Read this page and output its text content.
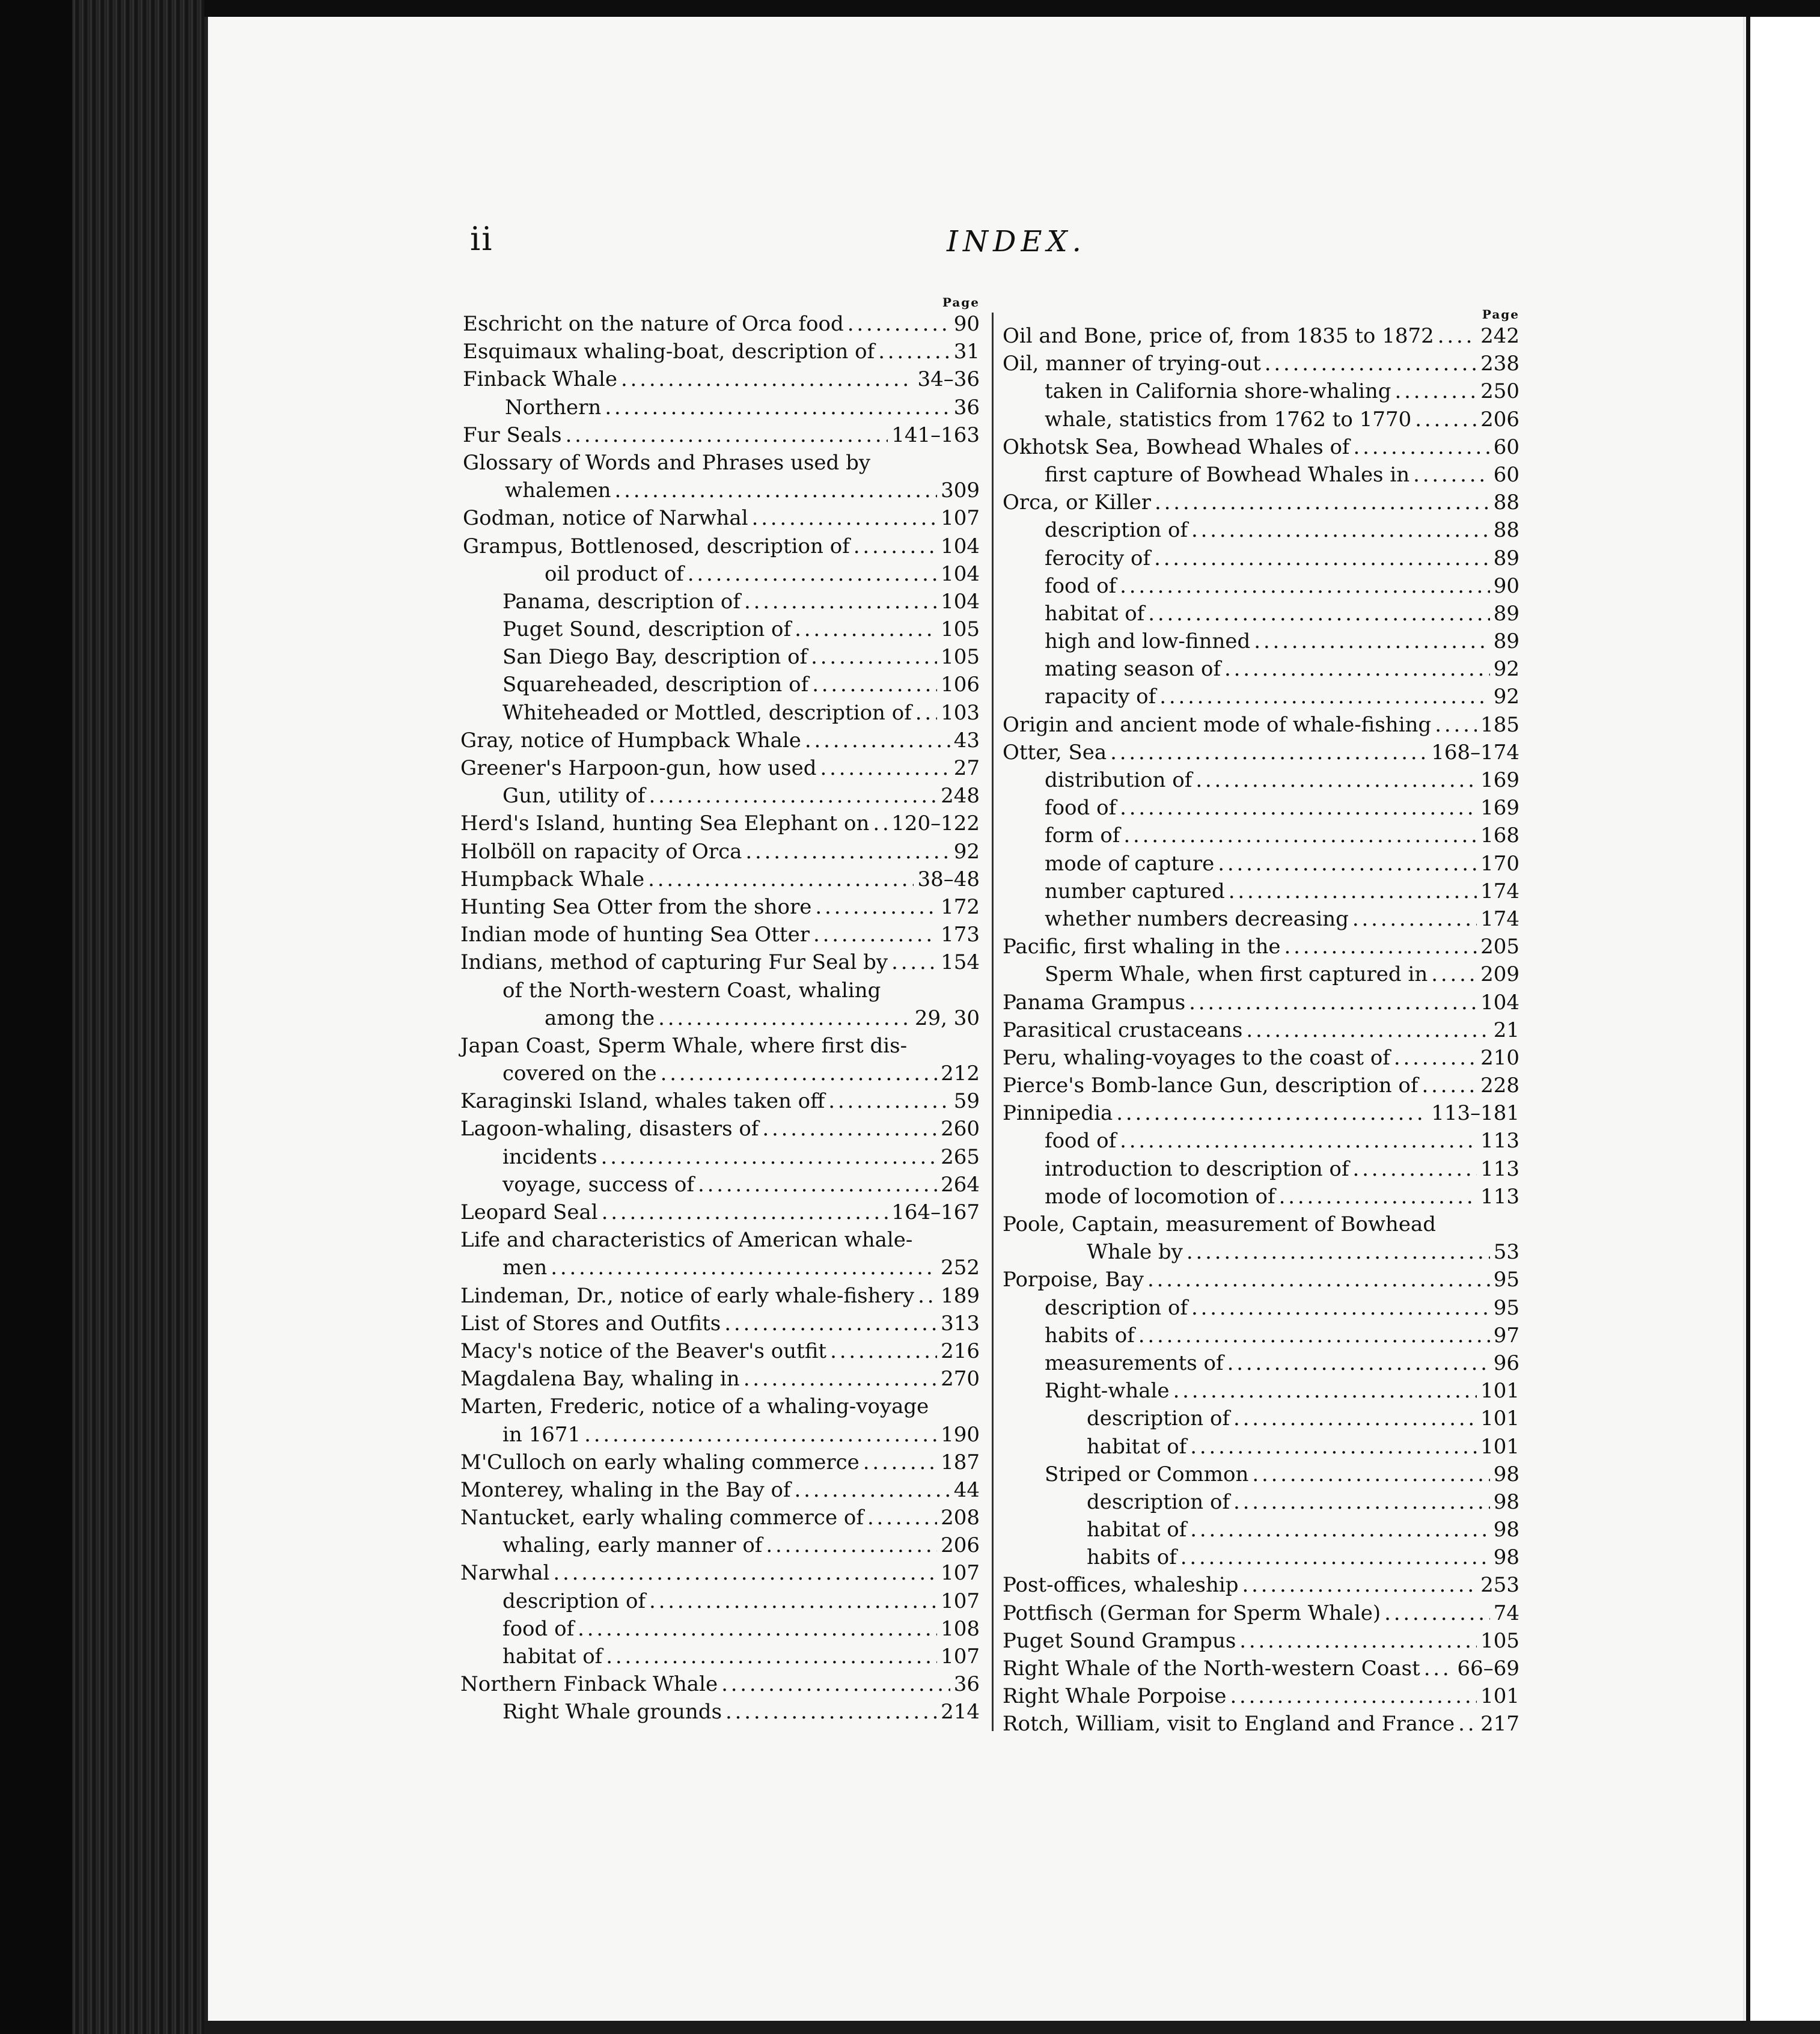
ii	INDEX.
Page
Eschricht on the nature of Orca food . . .	90
Esquimaux whaling-boat, description of . . .	31
Finback Whale . . .	34–36
Northern . . .	36
Fur Seals . . .	141–163
Glossary of Words and Phrases used by
whalemen . . .	309
Godman, notice of Narwhal . . .	107
Grampus, Bottlenosed, description of . . .	104
oil product of . . .	104
Panama, description of . . .	104
Puget Sound, description of . . .	105
San Diego Bay, description of . . .	105
Squareheaded, description of . . .	106
Whiteheaded or Mottled, description of . . . 103
Gray, notice of Humpback Whale . . .	43
Greener's Harpoon-gun, how used . . .	27
Gun, utility of . . .	248
Herd's Island, hunting Sea Elephant on . . . 120–122
Holböll on rapacity of Orca . . .	92
Humpback Whale . . .	38–48
Hunting Sea Otter from the shore . . .	172
Indian mode of hunting Sea Otter . . .	173
Indians, method of capturing Fur Seal by . . .	154
of the North-western Coast, whaling
among the . . .	29, 30
Japan Coast, Sperm Whale, where first dis-
covered on the . . .	212
Karaginski Island, whales taken off . . .	59
Lagoon-whaling, disasters of . . .	260
incidents . . .	265
voyage, success of . . .	264
Leopard Seal . . .	164–167
Life and characteristics of American whale-
men . . .	252
Lindeman, Dr., notice of early whale-fishery . . . 189
List of Stores and Outfits . . .	313
Macy's notice of the Beaver's outfit . . .	216
Magdalena Bay, whaling in . . .	270
Marten, Frederic, notice of a whaling-voyage
in 1671 . . .	190
M'Culloch on early whaling commerce . . .	187
Monterey, whaling in the Bay of . . .	44
Nantucket, early whaling commerce of . . .	208
whaling, early manner of . . .	206
Narwhal . . .	107
description of . . .	107
food of . . .	108
habitat of . . .	107
Northern Finback Whale . . .	36
Right Whale grounds . . .	214
Page
Oil and Bone, price of, from 1835 to 1872 . . . 242
Oil, manner of trying-out . . .	238
taken in California shore-whaling . . .	250
whale, statistics from 1762 to 1770 . . .	206
Okhotsk Sea, Bowhead Whales of . . .	60
first capture of Bowhead Whales in . . .	60
Orca, or Killer . . .	88
description of . . .	88
ferocity of . . .	89
food of . . .	90
habitat of . . .	89
high and low-finned . . .	89
mating season of . . .	92
rapacity of . . .	92
Origin and ancient mode of whale-fishing . . . 185
Otter, Sea . . .	168–174
distribution of . . .	169
food of . . .	169
form of . . .	168
mode of capture . . .	170
number captured . . .	174
whether numbers decreasing . . .	174
Pacific, first whaling in the . . .	205
Sperm Whale, when first captured in . . .	209
Panama Grampus . . .	104
Parasitical crustaceans . . .	21
Peru, whaling-voyages to the coast of . . .	210
Pierce's Bomb-lance Gun, description of . . .	228
Pinnipedia . . .	113–181
food of . . .	113
introduction to description of . . .	113
mode of locomotion of . . .	113
Poole, Captain, measurement of Bowhead
Whale by . . .	53
Porpoise, Bay . . .	95
description of . . .	95
habits of . . .	97
measurements of . . .	96
Right-whale . . .	101
description of . . .	101
habitat of . . .	101
Striped or Common . . .	98
description of . . .	98
habitat of . . .	98
habits of . . .	98
Post-offices, whaleship . . .	253
Pottfisch (German for Sperm Whale) . . .	74
Puget Sound Grampus . . .	105
Right Whale of the North-western Coast . . . 66–69
Right Whale Porpoise . . .	101
Rotch, William, visit to England and France . . . 217
